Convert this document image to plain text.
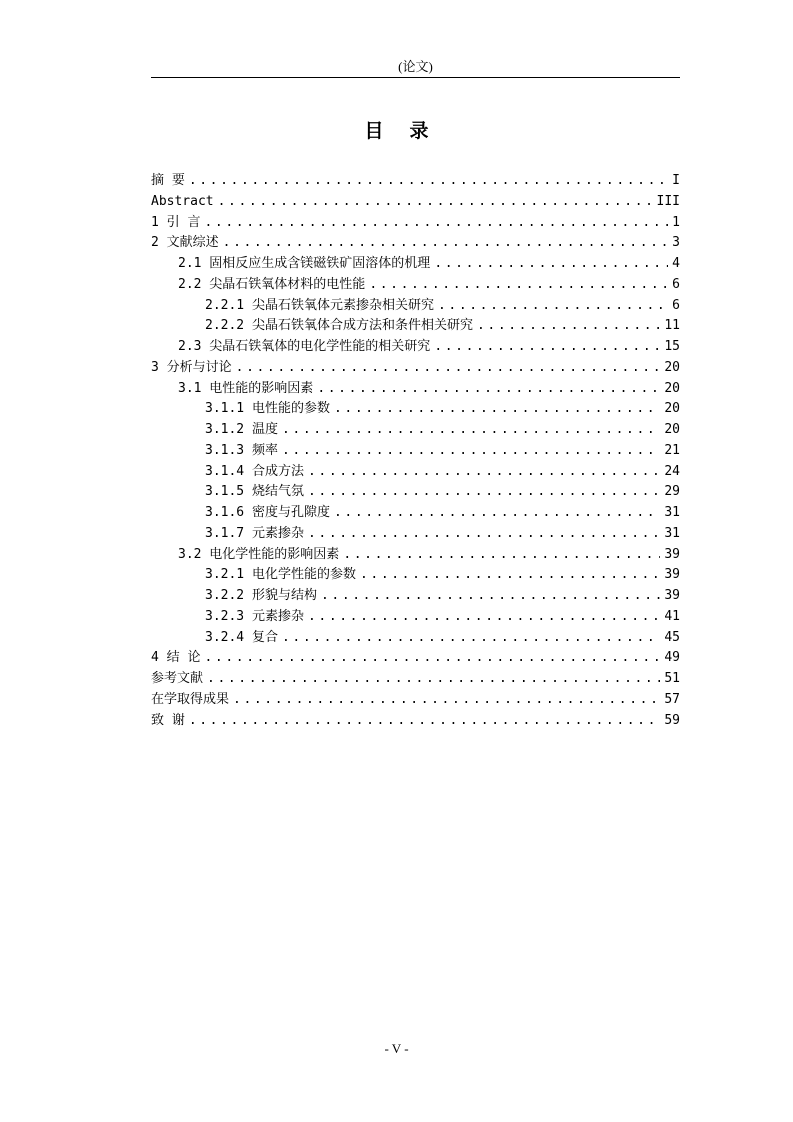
(论文)
目录
摘 要 .....	I
Abstract .....	III
1 引 言 .....	1
2 文献综述 .....	3
2.1 固相反应生成含镁磁铁矿固溶体的机理 .....	4
2.2 尖晶石铁氧体材料的电性能 .....	6
2.2.1 尖晶石铁氧体元素掺杂相关研究 .....	6
2.2.2 尖晶石铁氧体合成方法和条件相关研究 .....	11
2.3 尖晶石铁氧体的电化学性能的相关研究 .....	15
3 分析与讨论 .....	20
3.1 电性能的影响因素 .....	20
3.1.1 电性能的参数 .....	20
3.1.2 温度 .....	20
3.1.3 频率 .....	21
3.1.4 合成方法 .....	24
3.1.5 烧结气氛 .....	29
3.1.6 密度与孔隙度 .....	31
3.1.7 元素掺杂 .....	31
3.2 电化学性能的影响因素 .....	39
3.2.1 电化学性能的参数 .....	39
3.2.2 形貌与结构 .....	39
3.2.3 元素掺杂 .....	41
3.2.4 复合 .....	45
4 结 论 .....	49
参考文献 .....	51
在学取得成果 .....	57
致 谢 .....	59
- V -
